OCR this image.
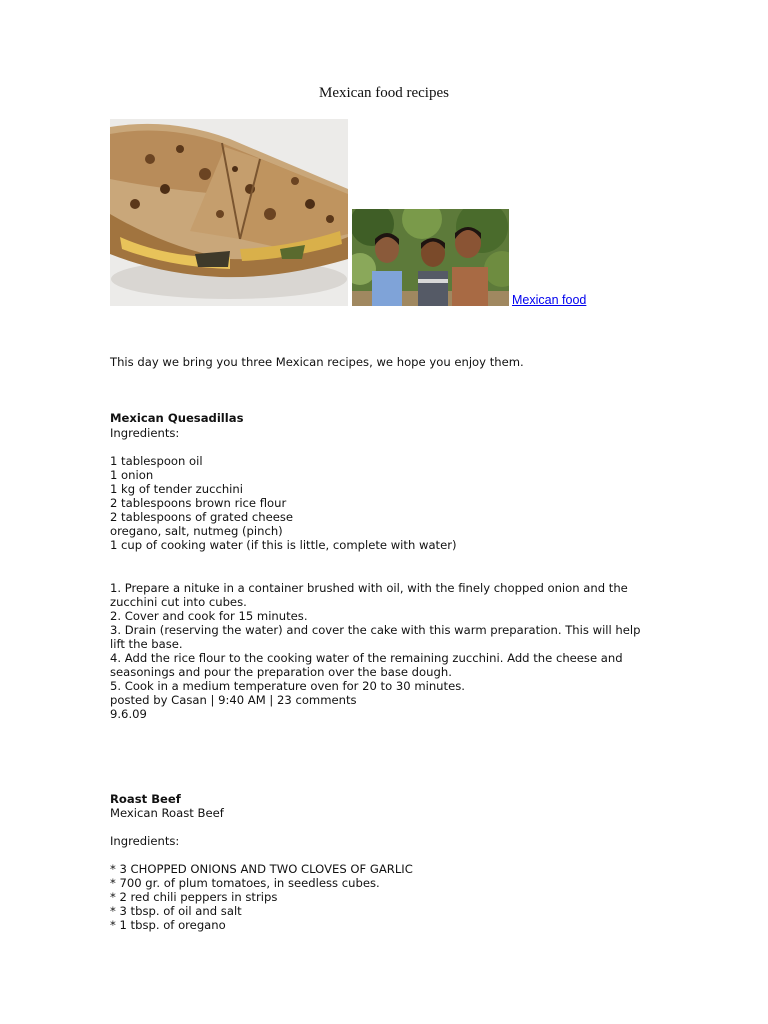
Mexican food recipes
Mexican food
This day we bring you three Mexican recipes, we hope you enjoy them.
Mexican Quesadillas
Ingredients:
1 tablespoon oil
1 onion
1 kg of tender zucchini
2 tablespoons brown rice flour
2 tablespoons of grated cheese
oregano, salt, nutmeg (pinch)
1 cup of cooking water (if this is little, complete with water)
1. Prepare a nituke in a container brushed with oil, with the finely chopped onion and the
zucchini cut into cubes.
2. Cover and cook for 15 minutes.
3. Drain (reserving the water) and cover the cake with this warm preparation. This will help
lift the base.
4. Add the rice flour to the cooking water of the remaining zucchini. Add the cheese and
seasonings and pour the preparation over the base dough.
5. Cook in a medium temperature oven for 20 to 30 minutes.
posted by Casan | 9:40 AM | 23 comments
9.6.09
Roast Beef
Mexican Roast Beef
Ingredients:
* 3 CHOPPED ONIONS AND TWO CLOVES OF GARLIC
* 700 gr. of plum tomatoes, in seedless cubes.
* 2 red chili peppers in strips
* 3 tbsp. of oil and salt
* 1 tbsp. of oregano
